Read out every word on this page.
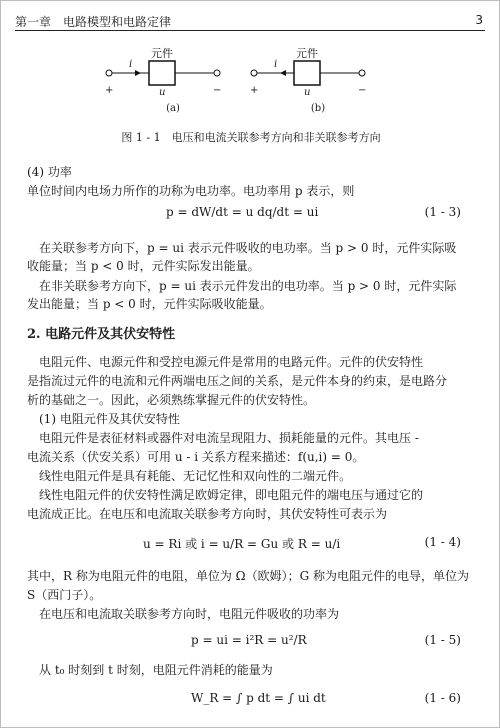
第一章　电路模型和电路定律	3
元件
i
+	u	−
(a)
元件
i
+	u	−
(b)
图 1 - 1　电压和电流关联参考方向和非关联参考方向
(4) 功率
单位时间内电场力所作的功称为电功率。电功率用 p 表示，则
p = dW/dt = u dq/dt = ui	(1 - 3)
在关联参考方向下，p = ui 表示元件吸收的电功率。当 p > 0 时，元件实际吸
收能量；当 p < 0 时，元件实际发出能量。
在非关联参考方向下，p = ui 表示元件发出的电功率。当 p > 0 时，元件实际
发出能量；当 p < 0 时，元件实际吸收能量。
2. 电路元件及其伏安特性
电阻元件、电源元件和受控电源元件是常用的电路元件。元件的伏安特性
是指流过元件的电流和元件两端电压之间的关系，是元件本身的约束，是电路分
析的基础之一。因此，必须熟练掌握元件的伏安特性。
(1) 电阻元件及其伏安特性
电阻元件是表征材料或器件对电流呈现阻力、损耗能量的元件。其电压 -
电流关系（伏安关系）可用 u - i 关系方程来描述：f(u,i) = 0。
线性电阻元件是具有耗能、无记忆性和双向性的二端元件。
线性电阻元件的伏安特性满足欧姆定律，即电阻元件的端电压与通过它的
电流成正比。在电压和电流取关联参考方向时，其伏安特性可表示为
u = Ri 或 i = u/R = Gu 或 R = u/i	(1 - 4)
其中，R 称为电阻元件的电阻，单位为 Ω（欧姆）；G 称为电阻元件的电导，单位为
S（西门子）。
在电压和电流取关联参考方向时，电阻元件吸收的功率为
p = ui = i²R = u²/R	(1 - 5)
从 t₀ 时刻到 t 时刻，电阻元件消耗的能量为
W_R = ∫ p dt = ∫ ui dt	(1 - 6)
